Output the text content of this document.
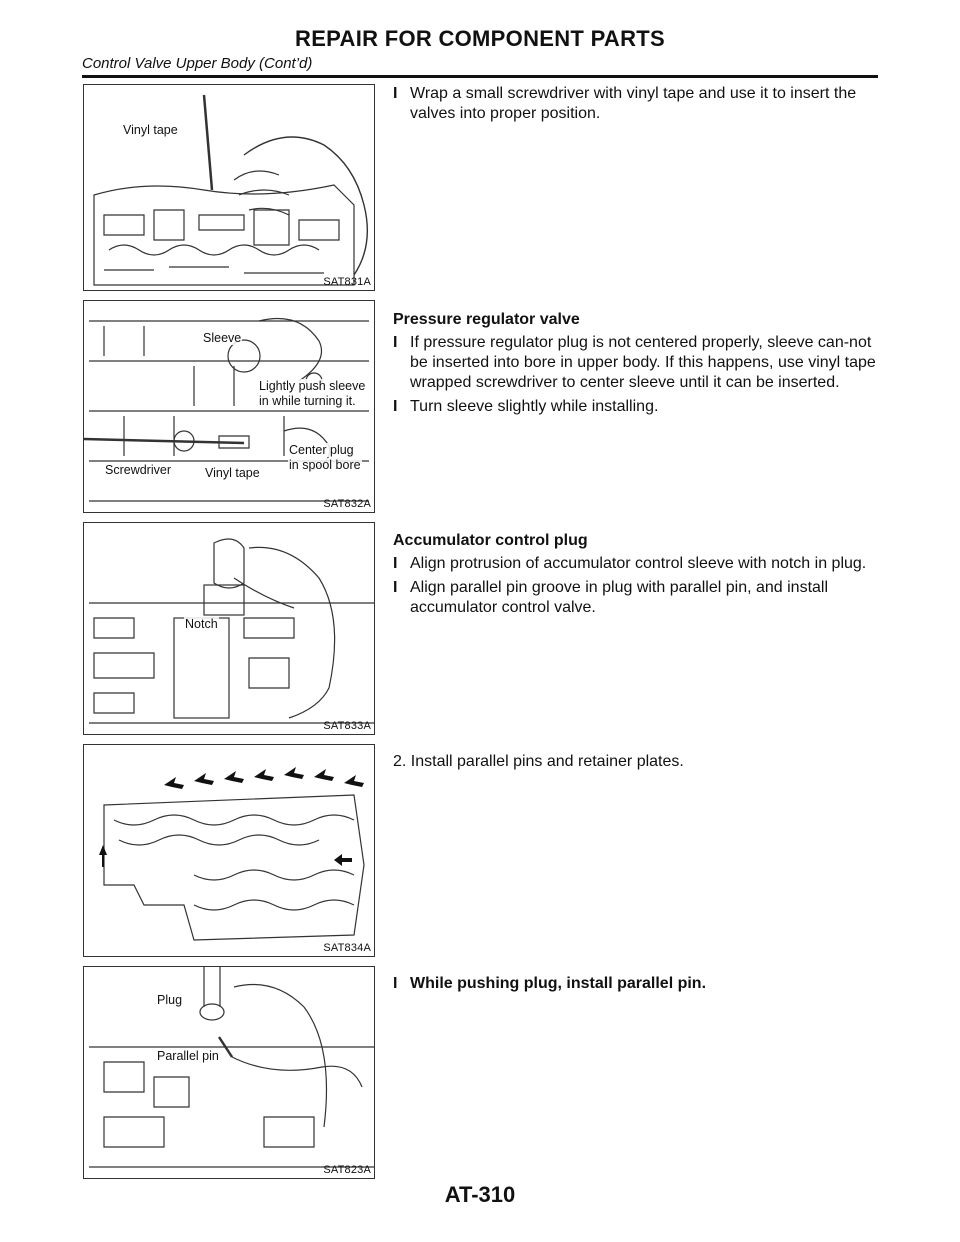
REPAIR FOR COMPONENT PARTS
Control Valve Upper Body (Cont’d)
Vinyl tape
SAT831A
Sleeve
Lightly push sleeve
in while turning it.
Center plug
in spool bore
Screwdriver	Vinyl tape
SAT832A
Notch
SAT833A
SAT834A
Plug
Parallel pin
SAT823A
I Wrap a small screwdriver with vinyl tape and use it to insert the valves into proper position.
Pressure regulator valve
I If pressure regulator plug is not centered properly, sleeve can-not be inserted into bore in upper body. If this happens, use vinyl tape wrapped screwdriver to center sleeve until it can be inserted.
I Turn sleeve slightly while installing.
Accumulator control plug
I Align protrusion of accumulator control sleeve with notch in plug.
I Align parallel pin groove in plug with parallel pin, and install accumulator control valve.
2. Install parallel pins and retainer plates.
I While pushing plug, install parallel pin.
AT-310
